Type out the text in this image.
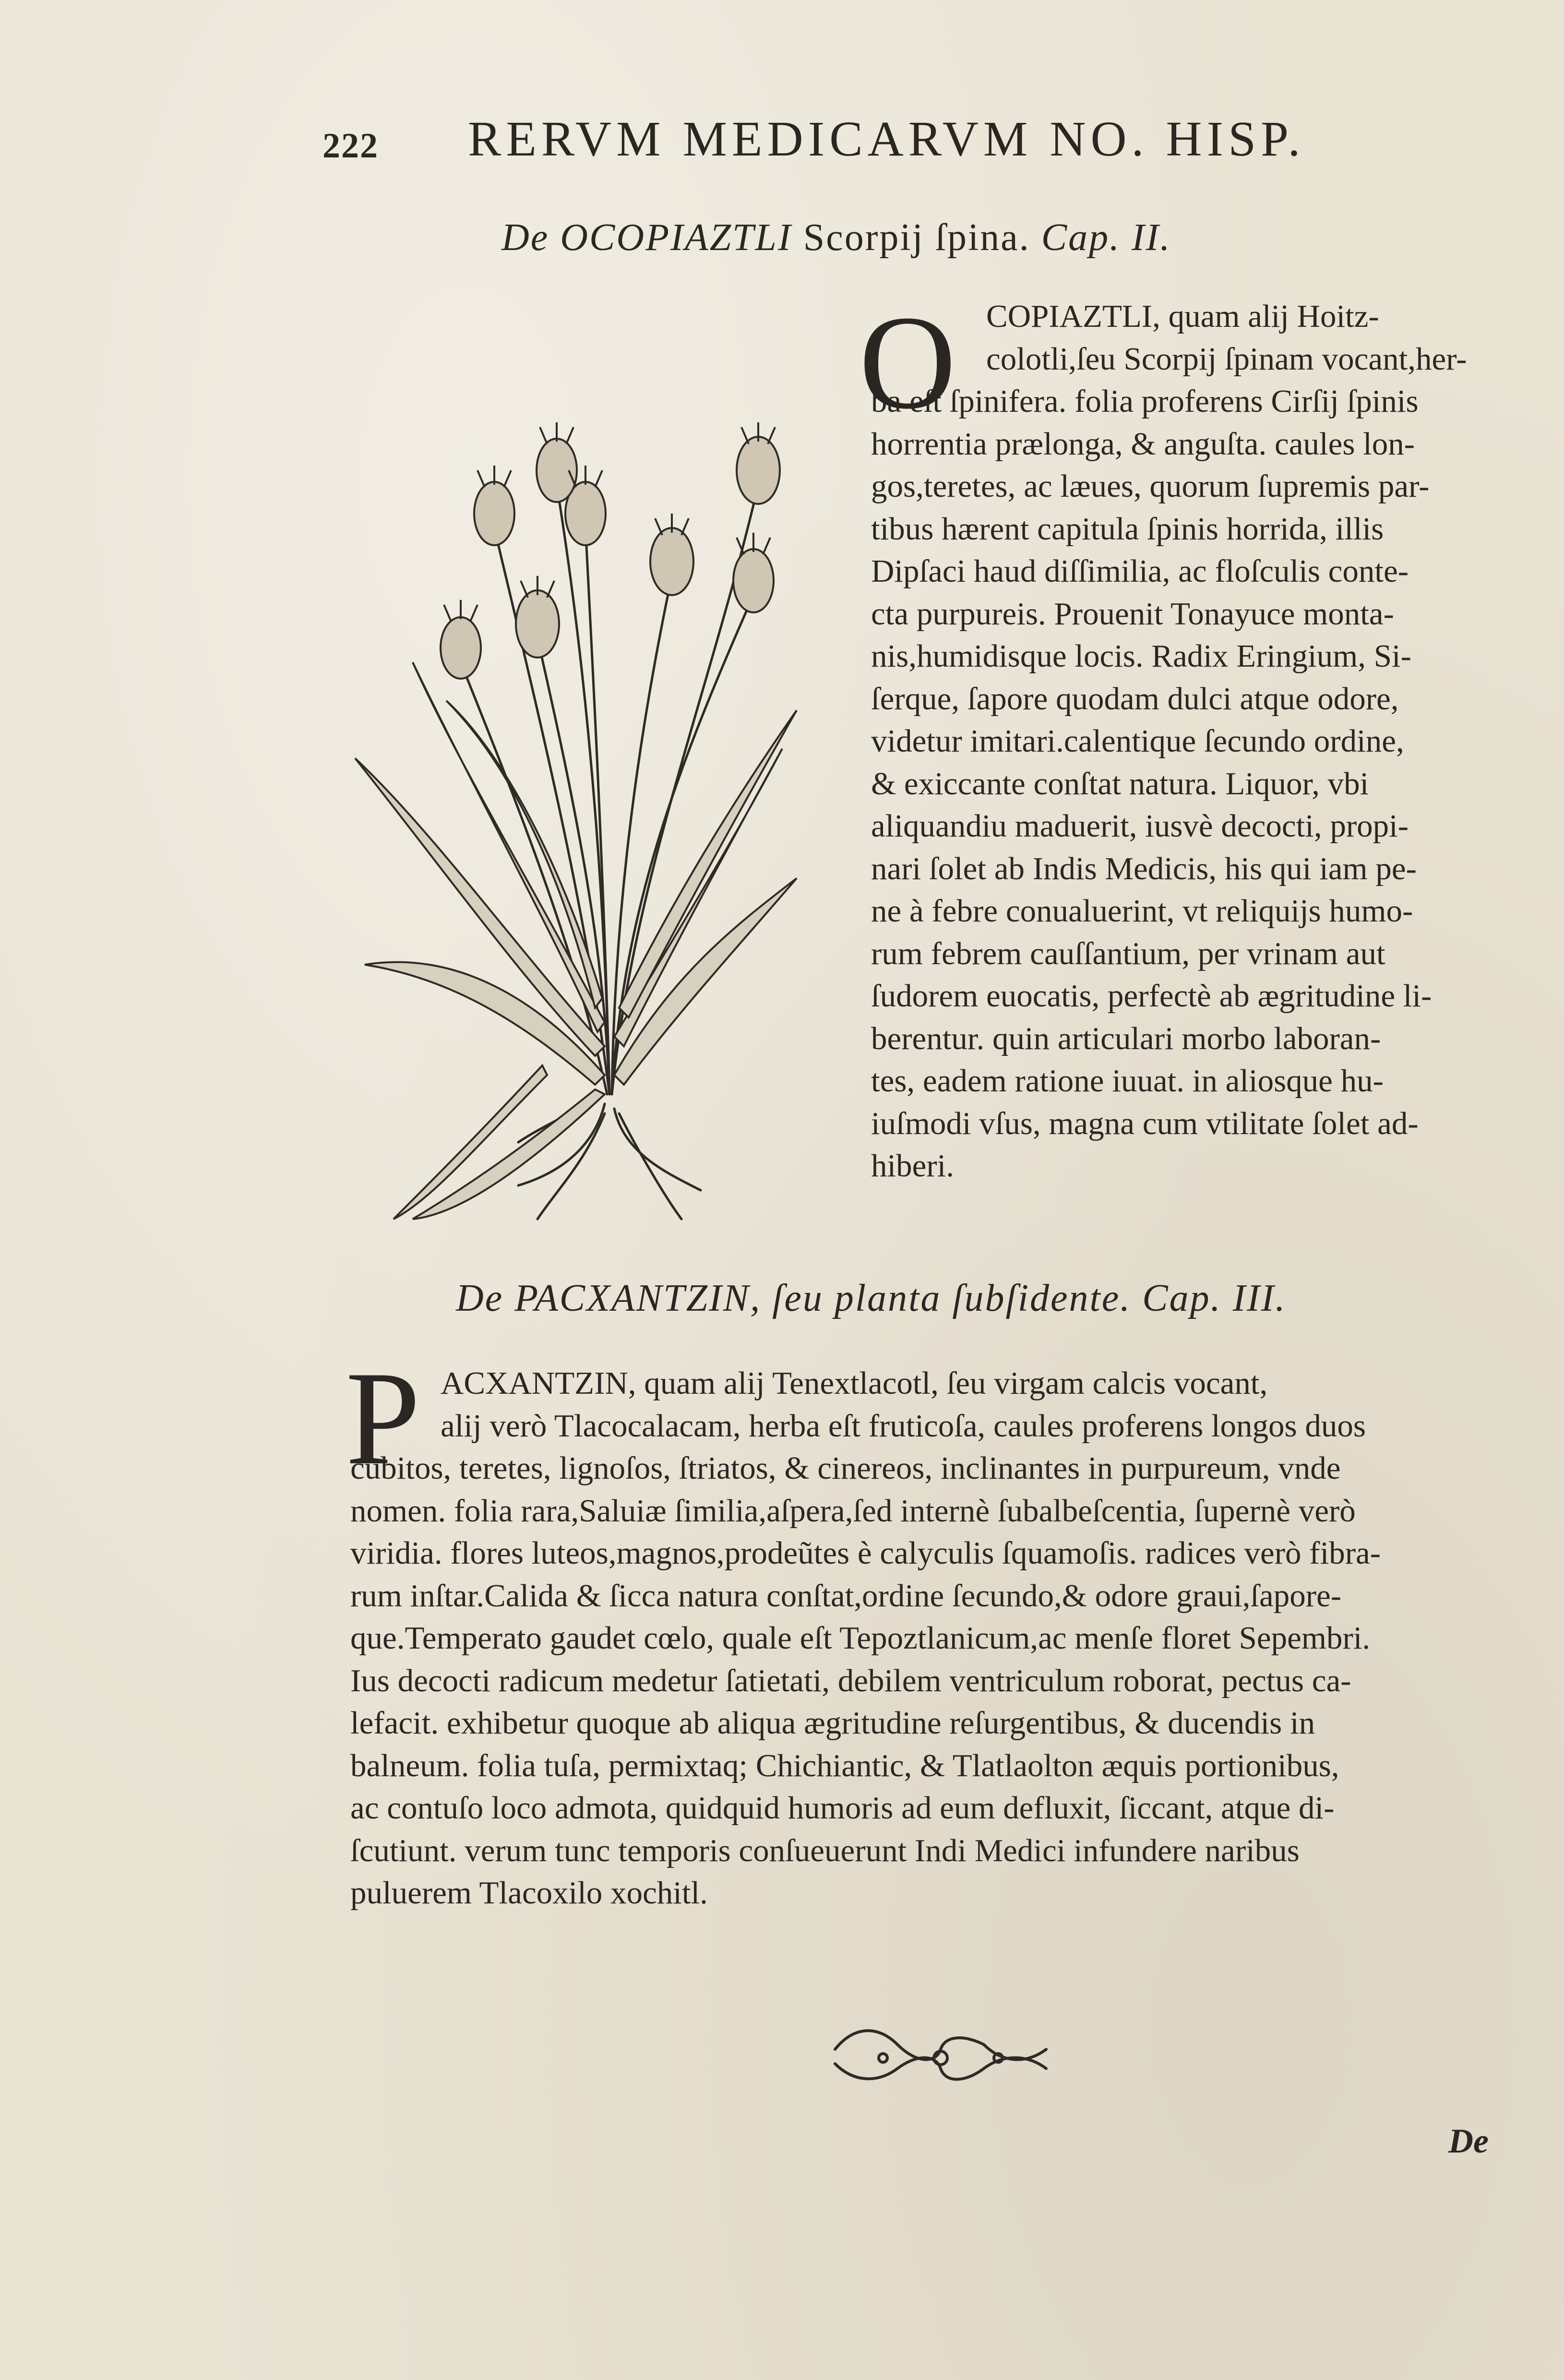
222 RERVM MEDICARVM NO. HISP.
De OCOPIAZTLI Scorpij ſpina. Cap. II.
O COPIAZTLI, quam alij Hoitz-
colotli,ſeu Scorpij ſpinam vocant,her-
ba eſt ſpinifera. folia proferens Cirſij ſpinis
horrentia prælonga, & anguſta. caules lon-
gos,teretes, ac læues, quorum ſupremis par-
tibus hærent capitula ſpinis horrida, illis
Dipſaci haud diſſimilia, ac floſculis conte-
cta purpureis. Prouenit Tonayuce monta-
nis,humidisque locis. Radix Eringium, Si-
ſerque, ſapore quodam dulci atque odore,
videtur imitari.calentique ſecundo ordine,
& exiccante conſtat natura. Liquor, vbi
aliquandiu maduerit, iusvè decocti, propi-
nari ſolet ab Indis Medicis, his qui iam pe-
ne à febre conualuerint, vt reliquijs humo-
rum febrem cauſſantium, per vrinam aut
ſudorem euocatis, perfectè ab ægritudine li-
berentur. quin articulari morbo laboran-
tes, eadem ratione iuuat. in aliosque hu-
iuſmodi vſus, magna cum vtilitate ſolet ad-
hiberi.
De PACXANTZIN, ſeu planta ſubſidente. Cap. III.
P ACXANTZIN, quam alij Tenextlacotl, ſeu virgam calcis vocant,
alij verò Tlacocalacam, herba eſt fruticoſa, caules proferens longos duos
cubitos, teretes, lignoſos, ſtriatos, & cinereos, inclinantes in purpureum, vnde
nomen. folia rara,Saluiæ ſimilia,aſpera,ſed internè ſubalbeſcentia, ſupernè verò
viridia. flores luteos,magnos,prodeũtes è calyculis ſquamoſis. radices verò fibra-
rum inſtar.Calida & ſicca natura conſtat,ordine ſecundo,& odore graui,ſapore-
que.Temperato gaudet cœlo, quale eſt Tepoztlanicum,ac menſe floret Sepembri.
Ius decocti radicum medetur ſatietati, debilem ventriculum roborat, pectus ca-
lefacit. exhibetur quoque ab aliqua ægritudine reſurgentibus, & ducendis in
balneum. folia tuſa, permixtaq; Chichiantic, & Tlatlaolton æquis portionibus,
ac contuſo loco admota, quidquid humoris ad eum defluxit, ſiccant, atque di-
ſcutiunt. verum tunc temporis conſueuerunt Indi Medici infundere naribus
puluerem Tlacoxilo xochitl.
De
